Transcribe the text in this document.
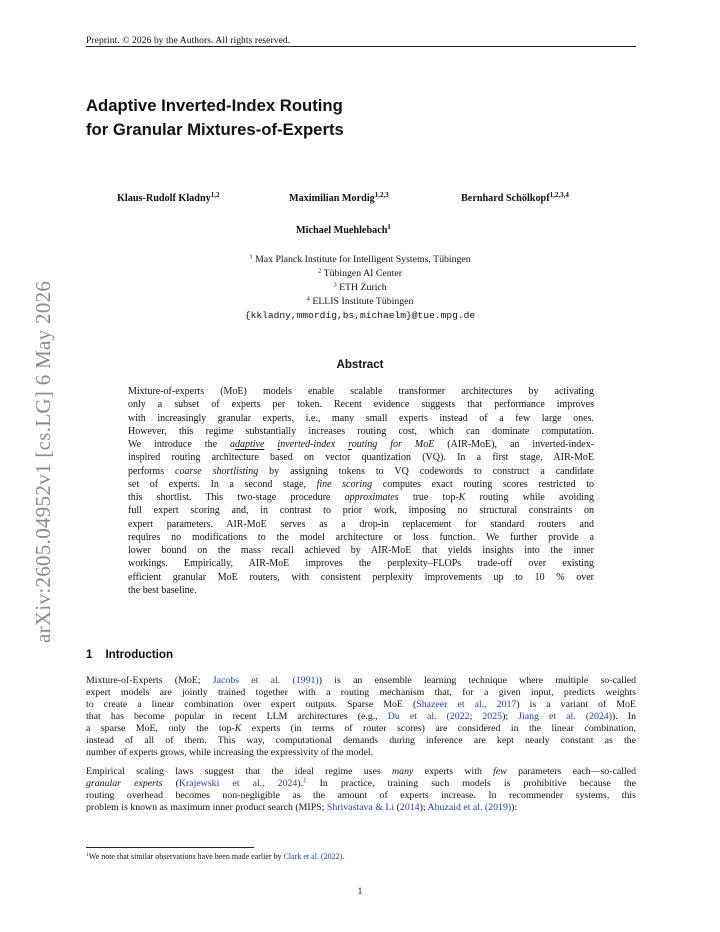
Preprint. © 2026 by the Authors. All rights reserved.
arXiv:2605.04952v1 [cs.LG] 6 May 2026
Adaptive Inverted-Index Routing
for Granular Mixtures-of-Experts
Klaus-Rudolf Kladny$^{1,2}$	Maximilian Mordig$^{1,2,3}$	Bernhard Schölkopf$^{1,2,3,4}$
Michael Muehlebach$^1$
$^1$ Max Planck Institute for Intelligent Systems, Tübingen
$^2$ Tübingen AI Center
$^3$ ETH Zurich
$^4$ ELLIS Institute Tübingen
{kkladny,mmordig,bs,michaelm}@tue.mpg.de
Abstract
Mixture-of-experts (MoE) models enable scalable transformer architectures by activating
only a subset of experts per token. Recent evidence suggests that performance improves
with increasingly granular experts, i.e., many small experts instead of a few large ones.
However, this regime substantially increases routing cost, which can dominate computation.
We introduce the adaptive inverted-index routing for MoE (AIR-MoE), an inverted-index-
inspired routing architecture based on vector quantization (VQ). In a first stage, AIR-MoE
performs coarse shortlisting by assigning tokens to VQ codewords to construct a candidate
set of experts. In a second stage, fine scoring computes exact routing scores restricted to
this shortlist. This two-stage procedure approximates true top-K routing while avoiding
full expert scoring and, in contrast to prior work, imposing no structural constraints on
expert parameters. AIR-MoE serves as a drop-in replacement for standard routers and
requires no modifications to the model architecture or loss function. We further provide a
lower bound on the mass recall achieved by AIR-MoE that yields insights into the inner
workings. Empirically, AIR-MoE improves the perplexity–FLOPs trade-off over existing
efficient granular MoE routers, with consistent perplexity improvements up to 10 % over
the best baseline.
1 Introduction
Mixture-of-Experts (MoE; Jacobs et al. (1991)) is an ensemble learning technique where multiple so-called
expert models are jointly trained together with a routing mechanism that, for a given input, predicts weights
to create a linear combination over expert outputs. Sparse MoE (Shazeer et al., 2017) is a variant of MoE
that has become popular in recent LLM architectures (e.g., Du et al. (2022; 2025); Jiang et al. (2024)). In
a sparse MoE, only the top-K experts (in terms of router scores) are considered in the linear combination,
instead of all of them. This way, computational demands during inference are kept nearly constant as the
number of experts grows, while increasing the expressivity of the model.
Empirical scaling laws suggest that the ideal regime uses many experts with few parameters each—so-called
granular experts (Krajewski et al., 2024).$^1$ In practice, training such models is prohibitive because the
routing overhead becomes non-negligible as the amount of experts increase. In recommender systems, this
problem is known as maximum inner product search (MIPS; Shrivastava & Li (2014); Abuzaid et al. (2019)):
$^1$We note that similar observations have been made earlier by Clark et al. (2022).
1
